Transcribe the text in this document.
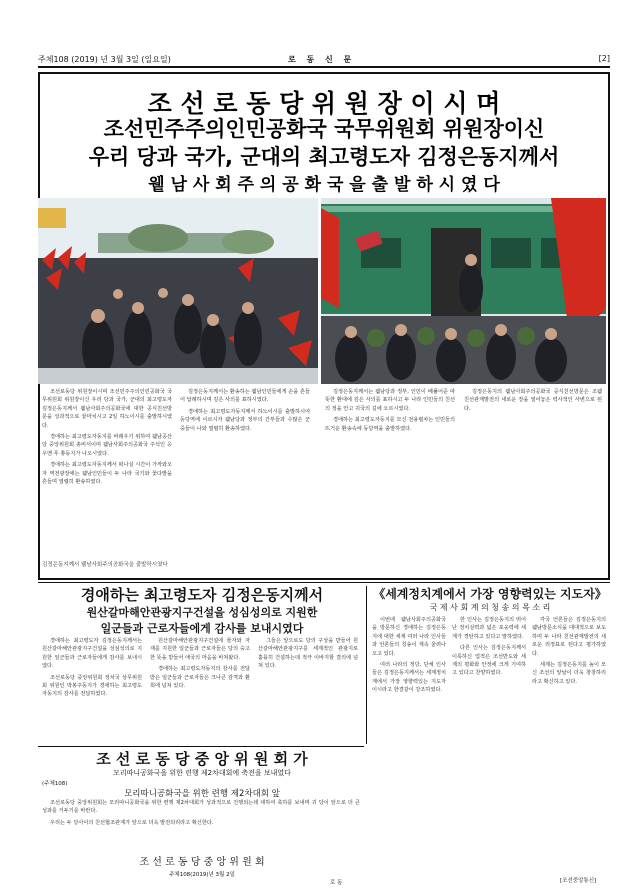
주체108 (2019) 년 3월 3일 (일요일)	로 동 신 문	[2]
조 선 로 동 당 위 원 장 이 시 며
조선민주주의인민공화국 국무위원회 위원장이신
우리 당과 국가, 군대의 최고령도자 김정은동지께서
윁 남 사 회 주 의 공 화 국 을 출 발 하 시 였 다

조선로동당 위원장이시며 조선민주주의인민공화국 국무위원회 위원장이신 우리 당과 국가, 군대의 최고령도자 김정은동지께서 윁남사회주의공화국에 대한 공식친선방문을 성과적으로 끝마치시고 2일 하노이시를 출발하시였다.

경애하는 최고령도자동지를 바래우기 위하여 윁남공산당 중앙위원회 총비서이며 윁남사회주의공화국 주석인 응우옌 푸 쫑동지가 나오시였다.

경애하는 최고령도자동지께서 떠나실 시간이 가까와오자 역전광장에는 윁남인민들이 두 나라 국기와 꽃다발을 흔들며 열렬히 환송하였다.

김정은동지께서는 환송하는 윁남인민들에게 손을 흔들어 답례하시며 깊은 사의를 표하시였다.

경애하는 최고령도자동지께서 하노이시를 출발하시여 동당역에 이르시자 윁남당과 정부의 간부들과 수많은 군중들이 나와 열렬히 환송하였다.

김정은동지께서는 윁남당과 정부, 인민이 베풀어준 따뜻한 환대에 깊은 사의를 표하시고 두 나라 인민들의 친선의 정을 안고 귀국의 길에 오르시였다.

경애하는 최고령도자동지를 모신 전용렬차는 인민들의 뜨거운 환송속에 동당역을 출발하였다.

김정은동지의 윁남사회주의공화국 공식친선방문은 조윁친선관계발전의 새로운 장을 열어놓은 력사적인 사변으로 된다.

김정은동지께서 윁남사회주의공화국을 출발하시였다
경애하는 최고령도자 김정은동지께서
원산갈마해안관광지구건설을 성심성의로 지원한
일군들과 근로자들에게 감사를 보내시였다

경애하는 최고령도자 김정은동지께서는 원산갈마해안관광지구건설을 성심성의로 지원한 일군들과 근로자들에게 감사를 보내시였다.

조선로동당 중앙위원회 정치국 상무위원회 위원인 박봉주동지가 경애하는 최고령도자동지의 감사를 전달하였다.

원산갈마해안관광지구건설에 물자와 자재를 지원한 일군들과 근로자들은 당의 숭고한 뜻을 받들어 애국의 마음을 바쳐왔다.

경애하는 최고령도자동지의 감사를 전달받은 일군들과 근로자들은 크나큰 감격과 환희에 넘쳐 있다.

그들은 앞으로도 당의 구상을 받들어 원산갈마해안관광지구를 세계적인 관광지로 훌륭히 건설하는데 적극 이바지할 결의에 넘쳐 있다.

《세계정치계에서 가장 영향력있는 지도자》
국 제 사 회 계 의 청 송 의 목 소 리

이번에 윁남사회주의공화국을 방문하신 경애하는 김정은동지에 대한 세계 여러 나라 인사들과 언론들의 칭송이 계속 울려나오고 있다.

여러 나라의 정당, 단체 인사들은 김정은동지께서는 세계정치계에서 가장 영향력있는 지도자이시라고 한결같이 강조하였다.

한 인사는 김정은동지의 뛰어난 정치실력과 넓은 포옹력에 세계가 경탄하고 있다고 말하였다.

다른 인사는 김정은동지께서 이룩하신 업적은 조선반도와 세계의 평화와 안정에 크게 기여하고 있다고 찬양하였다.

각국 언론들은 김정은동지의 윁남방문소식을 대대적으로 보도하며 두 나라 친선관계발전의 새로운 리정표로 된다고 평가하였다.

세계는 김정은동지를 높이 모신 조선의 앞날이 더욱 창창하리라고 확신하고 있다.

[조선중앙통신]
조 선 로 동 당 중 앙 위 원 회 가
모리따니공화국을 위한 련행 제2차대회에 축전을 보내였다
(주체108)
모리따니공화국을 위한 련행 제2차대회 앞

조선로동당 중앙위원회는 모리따니공화국을 위한 련행 제2차대회가 성과적으로 진행되는데 대하여 축하를 보내며 귀 당이 앞으로 더 큰 성과를 거두기를 바란다.

우리는 두 당사이의 친선협조관계가 앞으로 더욱 발전되리라고 확신한다.

조 선 로 동 당 중 앙 위 원 회
주체108(2019)년 3월 2일
로 동
